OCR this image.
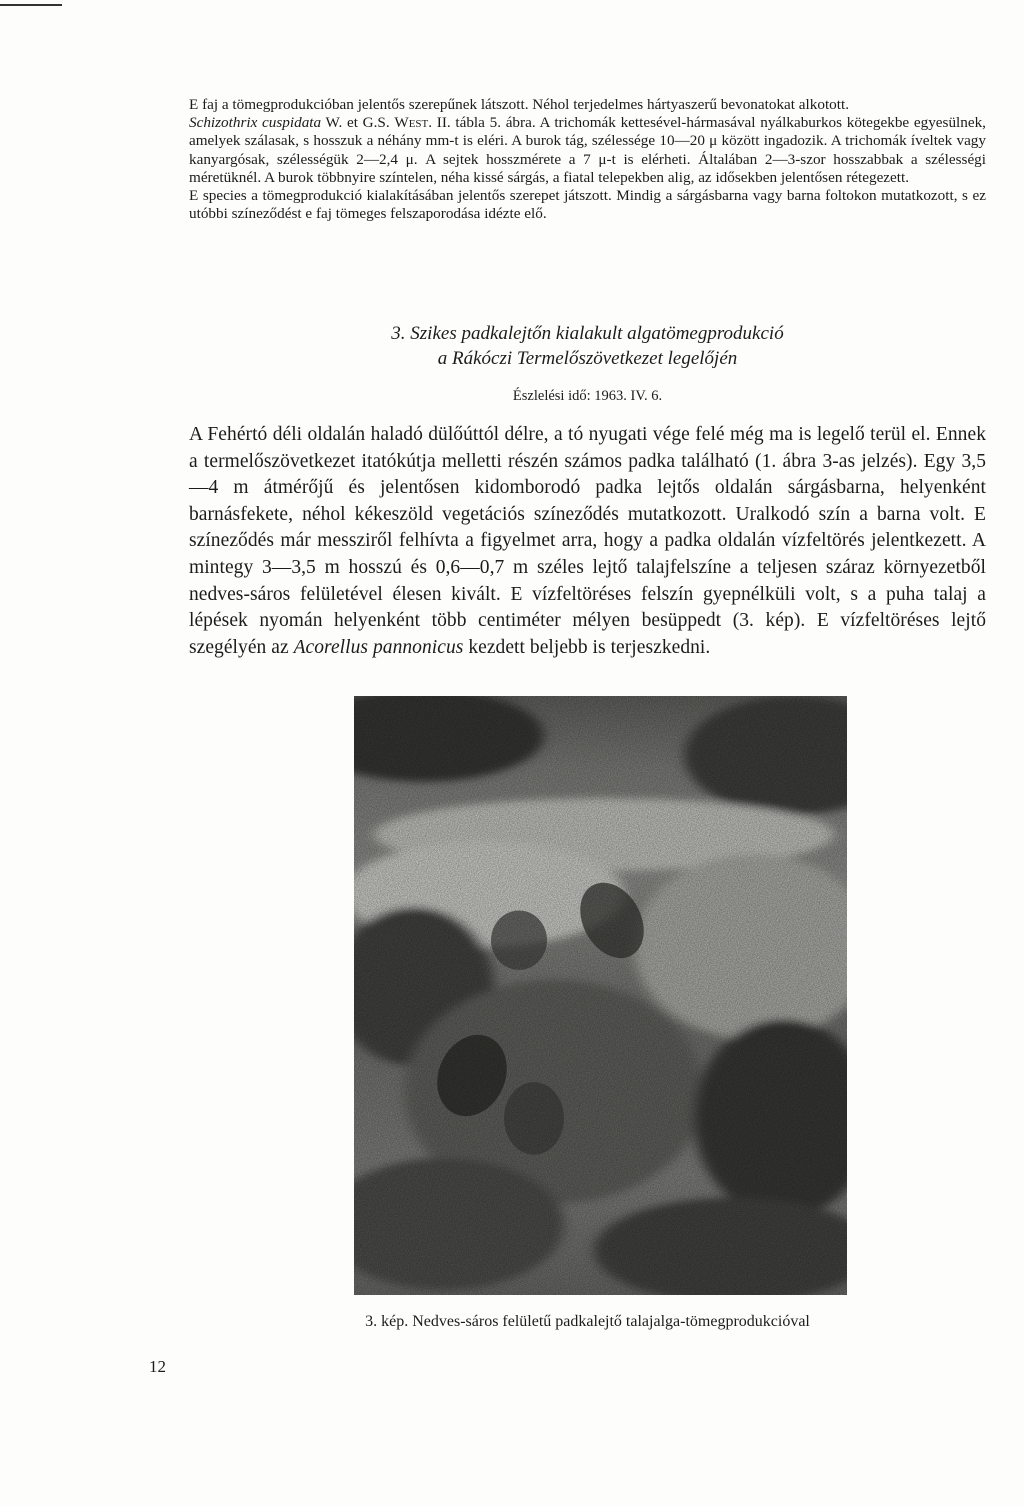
E faj a tömegprodukcióban jelentős szerepűnek látszott. Néhol terjedelmes hártyaszerű bevonatokat alkotott.

Schizothrix cuspidata W. et G.S. West. II. tábla 5. ábra. A trichomák kettesével-hármasával nyálkaburkos kötegekbe egyesülnek, amelyek szálasak, s hosszuk a néhány mm-t is eléri. A burok tág, szélessége 10—20 μ között ingadozik. A trichomák íveltek vagy kanyargósak, szélességük 2—2,4 μ. A sejtek hosszmérete a 7 μ-t is elérheti. Általában 2—3-szor hosszabbak a szélességi méretüknél. A burok többnyire színtelen, néha kissé sárgás, a fiatal telepekben alig, az idősekben jelentősen rétegezett.

E species a tömegprodukció kialakításában jelentős szerepet játszott. Mindig a sárgásbarna vagy barna foltokon mutatkozott, s ez utóbbi színeződést e faj tömeges felszaporodása idézte elő.

3. Szikes padkalejtőn kialakult algatömegprodukció
a Rákóczi Termelőszövetkezet legelőjén
Észlelési idő: 1963. IV. 6.

A Fehértó déli oldalán haladó dülőúttól délre, a tó nyugati vége felé még ma is legelő terül el. Ennek a termelőszövetkezet itatókútja melletti részén számos padka található (1. ábra 3-as jelzés). Egy 3,5—4 m átmérőjű és jelentősen kidomborodó padka lejtős oldalán sárgásbarna, helyenként barnásfekete, néhol kékeszöld vegetációs színeződés mutatkozott. Uralkodó szín a barna volt. E színeződés már messziről felhívta a figyelmet arra, hogy a padka oldalán vízfeltörés jelentkezett. A mintegy 3—3,5 m hosszú és 0,6—0,7 m széles lejtő talajfelszíne a teljesen száraz környezetből nedves-sáros felületével élesen kivált. E vízfeltöréses felszín gyepnélküli volt, s a puha talaj a lépések nyomán helyenként több centiméter mélyen besüppedt (3. kép). E vízfeltöréses lejtő szegélyén az Acorellus pannonicus kezdett beljebb is terjeszkedni.

3. kép. Nedves-sáros felületű padkalejtő talajalga-tömegprodukcióval
12
